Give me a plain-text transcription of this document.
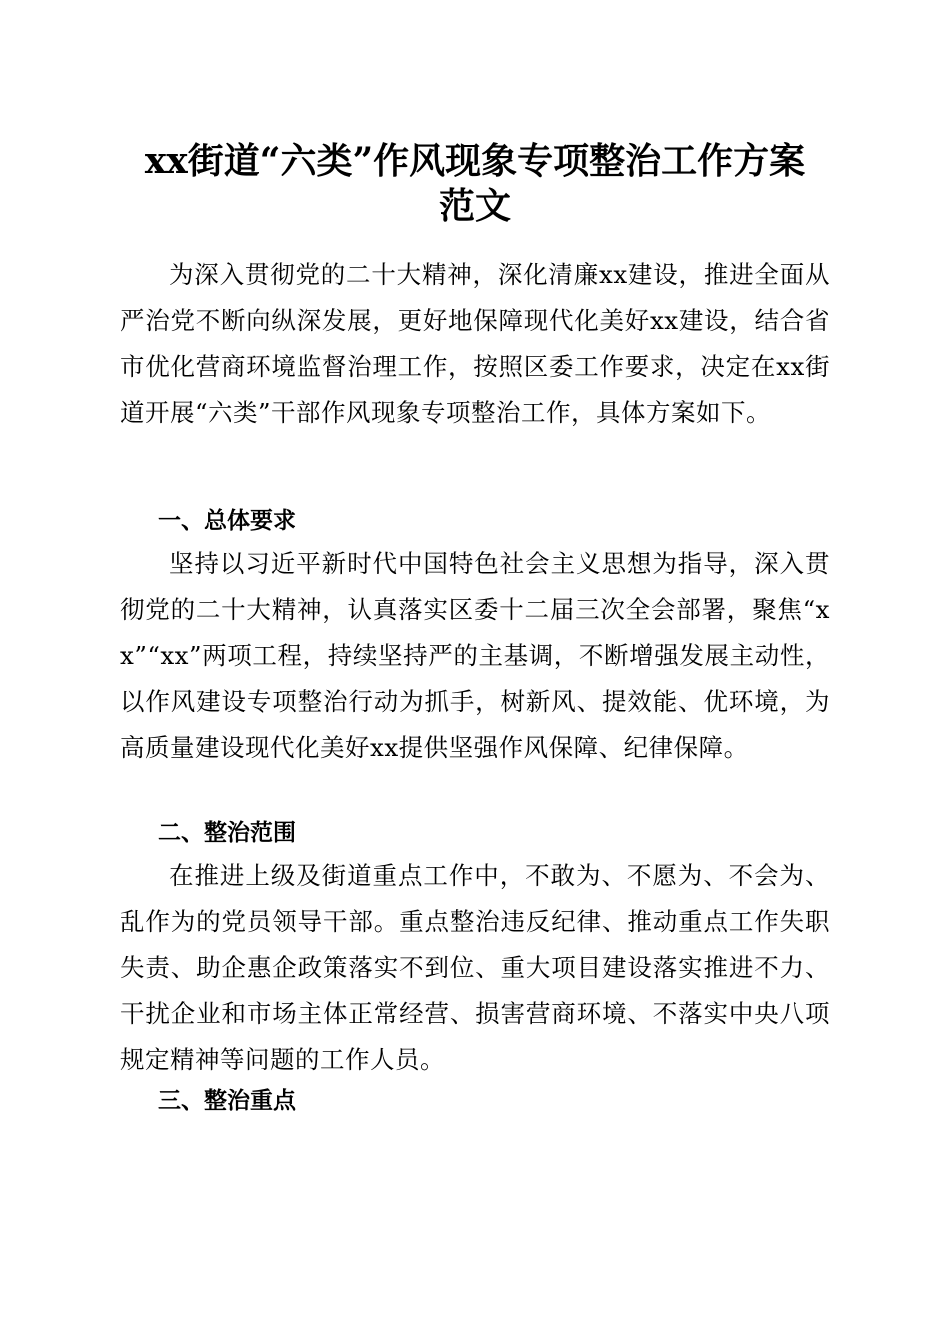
xx街道“六类”作风现象专项整治工作方案
范文

为深入贯彻党的二十大精神，深化清廉xx建设，推进全面从严治党不断向纵深发展，更好地保障现代化美好xx建设，结合省市优化营商环境监督治理工作，按照区委工作要求，决定在xx街道开展“六类”干部作风现象专项整治工作，具体方案如下。

一、总体要求

坚持以习近平新时代中国特色社会主义思想为指导，深入贯彻党的二十大精神，认真落实区委十二届三次全会部署，聚焦“xx”“xx”两项工程，持续坚持严的主基调，不断增强发展主动性，以作风建设专项整治行动为抓手，树新风、提效能、优环境，为高质量建设现代化美好xx提供坚强作风保障、纪律保障。

二、整治范围

在推进上级及街道重点工作中，不敢为、不愿为、不会为、乱作为的党员领导干部。重点整治违反纪律、推动重点工作失职失责、助企惠企政策落实不到位、重大项目建设落实推进不力、干扰企业和市场主体正常经营、损害营商环境、不落实中央八项规定精神等问题的工作人员。

三、整治重点
